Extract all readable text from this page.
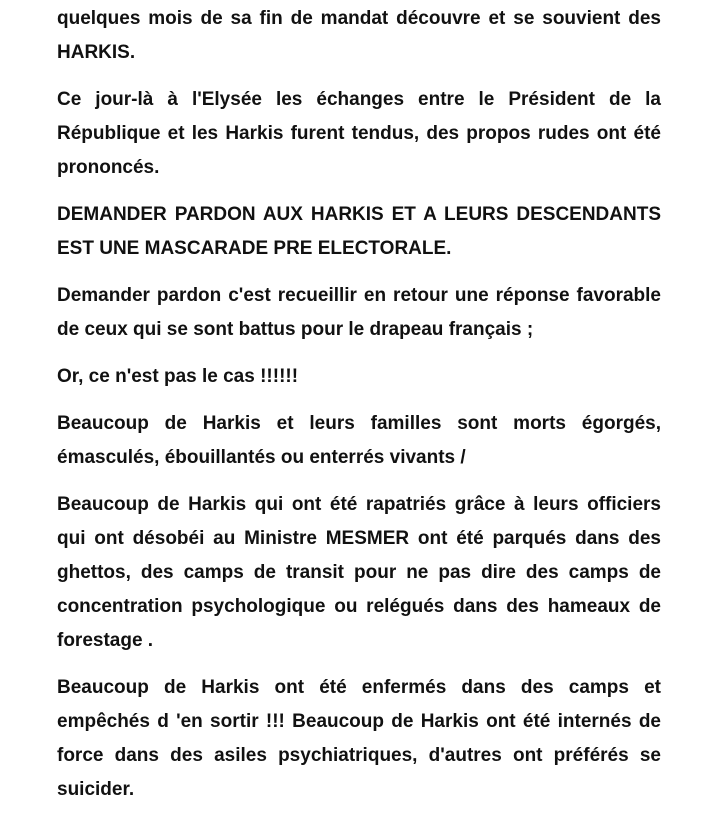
quelques mois de sa fin de mandat découvre et se souvient des HARKIS.

Ce jour-là à l'Elysée les échanges entre le Président de la République et les Harkis furent tendus, des propos rudes ont été prononcés.

DEMANDER PARDON AUX HARKIS ET A LEURS DESCENDANTS EST UNE MASCARADE PRE ELECTORALE.

Demander pardon c'est recueillir en retour une réponse favorable de ceux qui se sont battus pour le drapeau français ;

Or, ce n'est pas le cas !!!!!!

Beaucoup de Harkis et leurs familles sont morts égorgés, émasculés, ébouillantés ou enterrés vivants /

Beaucoup de Harkis qui ont été rapatriés grâce à leurs officiers qui ont désobéi au Ministre MESMER ont été parqués dans des ghettos, des camps de transit pour ne pas dire des camps de concentration psychologique ou relégués dans des hameaux de forestage .

Beaucoup de Harkis ont été enfermés dans des camps et empêchés d 'en sortir !!! Beaucoup de Harkis ont été internés de force dans des asiles psychiatriques, d'autres ont préférés se suicider.
